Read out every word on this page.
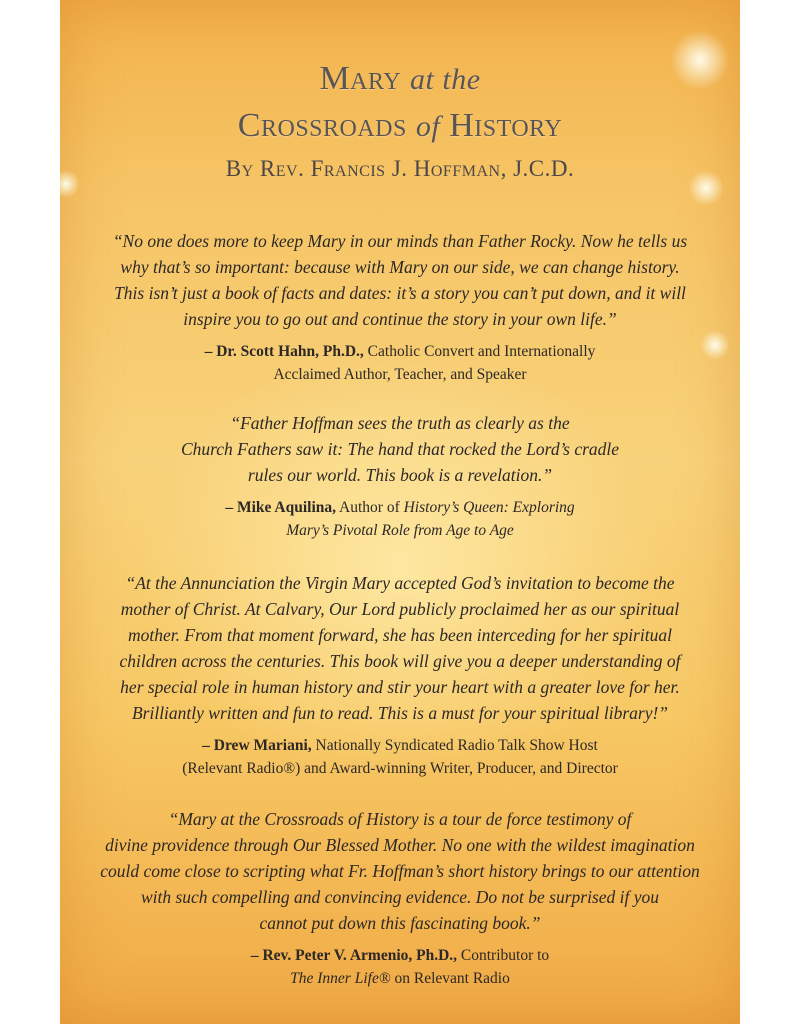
Mary at the
Crossroads of History
By Rev. Francis J. Hoffman, J.C.D.
“No one does more to keep Mary in our minds than Father Rocky. Now he tells us
why that’s so important: because with Mary on our side, we can change history.
This isn’t just a book of facts and dates: it’s a story you can’t put down, and it will
inspire you to go out and continue the story in your own life.”
– Dr. Scott Hahn, Ph.D., Catholic Convert and Internationally
Acclaimed Author, Teacher, and Speaker
“Father Hoffman sees the truth as clearly as the
Church Fathers saw it: The hand that rocked the Lord’s cradle
rules our world. This book is a revelation.”
– Mike Aquilina, Author of History’s Queen: Exploring
Mary’s Pivotal Role from Age to Age
“At the Annunciation the Virgin Mary accepted God’s invitation to become the
mother of Christ. At Calvary, Our Lord publicly proclaimed her as our spiritual
mother. From that moment forward, she has been interceding for her spiritual
children across the centuries. This book will give you a deeper understanding of
her special role in human history and stir your heart with a greater love for her.
Brilliantly written and fun to read. This is a must for your spiritual library!”
– Drew Mariani, Nationally Syndicated Radio Talk Show Host
(Relevant Radio®) and Award-winning Writer, Producer, and Director
“Mary at the Crossroads of History is a tour de force testimony of
divine providence through Our Blessed Mother. No one with the wildest imagination
could come close to scripting what Fr. Hoffman’s short history brings to our attention
with such compelling and convincing evidence. Do not be surprised if you
cannot put down this fascinating book.”
– Rev. Peter V. Armenio, Ph.D., Contributor to
The Inner Life® on Relevant Radio
